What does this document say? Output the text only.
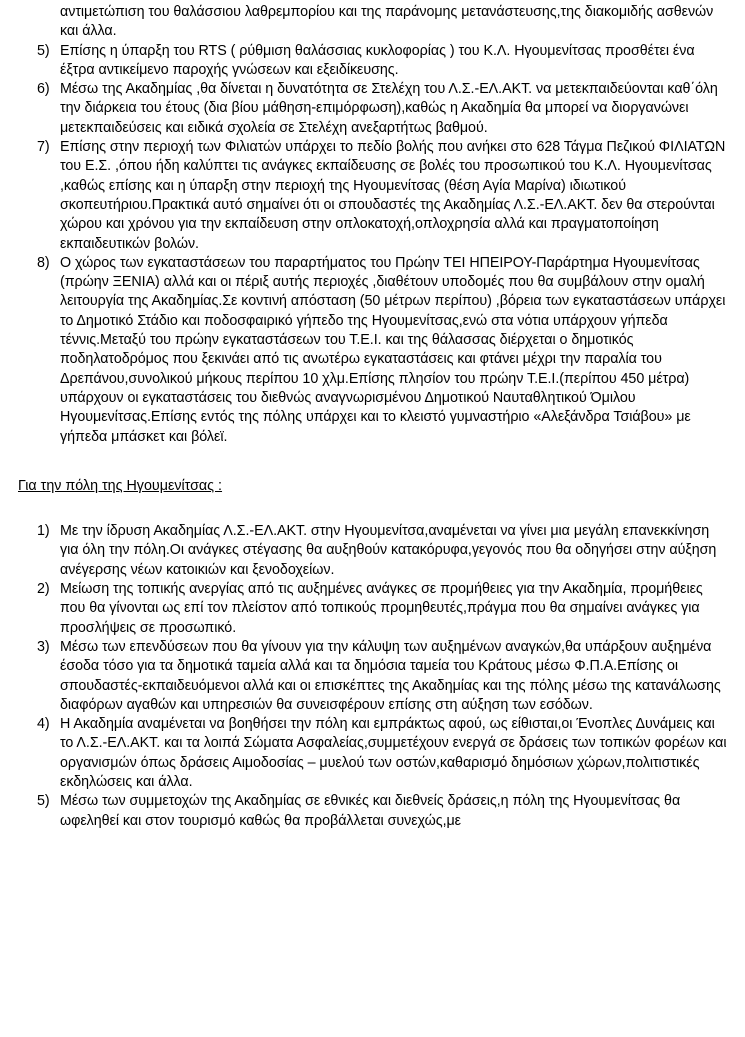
αντιμετώπιση του θαλάσσιου λαθρεμπορίου και της παράνομης μετανάστευσης,της διακομιδής ασθενών και άλλα.
5) Επίσης η ύπαρξη του RTS ( ρύθμιση θαλάσσιας κυκλοφορίας ) του Κ.Λ. Ηγουμενίτσας προσθέτει ένα έξτρα αντικείμενο παροχής γνώσεων και εξειδίκευσης.
6) Μέσω της Ακαδημίας ,θα δίνεται η δυνατότητα σε Στελέχη του Λ.Σ.-ΕΛ.ΑΚΤ. να μετεκπαιδεύονται καθ΄όλη την διάρκεια του έτους (δια βίου μάθηση-επιμόρφωση),καθώς η Ακαδημία θα μπορεί να διοργανώνει μετεκπαιδεύσεις και ειδικά σχολεία σε Στελέχη ανεξαρτήτως βαθμού.
7) Επίσης στην περιοχή των Φιλιατών υπάρχει το πεδίο βολής που ανήκει στο 628 Τάγμα Πεζικού ΦΙΛΙΑΤΩΝ του Ε.Σ. ,όπου ήδη καλύπτει τις ανάγκες εκπαίδευσης σε βολές του προσωπικού του Κ.Λ. Ηγουμενίτσας ,καθώς επίσης και η ύπαρξη στην περιοχή της Ηγουμενίτσας (θέση Αγία Μαρίνα) ιδιωτικού σκοπευτήριου.Πρακτικά αυτό σημαίνει ότι οι σπουδαστές της Ακαδημίας Λ.Σ.-ΕΛ.ΑΚΤ. δεν θα στερούνται χώρου και χρόνου για την εκπαίδευση στην οπλοκατοχή,οπλοχρησία αλλά και πραγματοποίηση εκπαιδευτικών βολών.
8) Ο χώρος των εγκαταστάσεων του παραρτήματος του Πρώην ΤΕΙ ΗΠΕΙΡΟΥ-Παράρτημα Ηγουμενίτσας (πρώην ΞΕΝΙΑ) αλλά και οι πέριξ αυτής περιοχές ,διαθέτουν υποδομές που θα συμβάλουν στην ομαλή λειτουργία της Ακαδημίας.Σε κοντινή απόσταση (50 μέτρων περίπου) ,βόρεια των εγκαταστάσεων υπάρχει το Δημοτικό Στάδιο και ποδοσφαιρικό γήπεδο της Ηγουμενίτσας,ενώ στα νότια υπάρχουν γήπεδα τέννις.Μεταξύ του πρώην εγκαταστάσεων του Τ.Ε.Ι. και της θάλασσας διέρχεται ο δημοτικός ποδηλατοδρόμος που ξεκινάει από τις ανωτέρω εγκαταστάσεις και φτάνει μέχρι την παραλία του Δρεπάνου,συνολικού μήκους περίπου 10 χλμ.Επίσης πλησίον του πρώην Τ.Ε.Ι.(περίπου 450 μέτρα) υπάρχουν οι εγκαταστάσεις του διεθνώς αναγνωρισμένου Δημοτικού Ναυταθλητικού Όμιλου Ηγουμενίτσας.Επίσης εντός της πόλης υπάρχει και το κλειστό γυμναστήριο «Αλεξάνδρα Τσιάβου» με γήπεδα μπάσκετ και βόλεϊ.
Για την πόλη της Ηγουμενίτσας :
1) Με την ίδρυση Ακαδημίας Λ.Σ.-ΕΛ.ΑΚΤ. στην Ηγουμενίτσα,αναμένεται να γίνει μια μεγάλη επανεκκίνηση για όλη την πόλη.Οι ανάγκες στέγασης θα αυξηθούν κατακόρυφα,γεγονός που θα οδηγήσει στην αύξηση ανέγερσης νέων κατοικιών και ξενοδοχείων.
2) Μείωση της τοπικής ανεργίας από τις αυξημένες ανάγκες σε προμήθειες για την Ακαδημία, προμήθειες που θα γίνονται ως επί τον πλείστον από τοπικούς προμηθευτές,πράγμα που θα σημαίνει ανάγκες για προσλήψεις σε προσωπικό.
3) Μέσω των επενδύσεων που θα γίνουν για την κάλυψη των αυξημένων αναγκών,θα υπάρξουν αυξημένα έσοδα τόσο για τα δημοτικά ταμεία αλλά και τα δημόσια ταμεία του Κράτους μέσω Φ.Π.Α.Επίσης οι σπουδαστές-εκπαιδευόμενοι αλλά και οι επισκέπτες της Ακαδημίας και της πόλης μέσω της κατανάλωσης διαφόρων αγαθών και υπηρεσιών θα συνεισφέρουν επίσης στη αύξηση των εσόδων.
4) Η Ακαδημία αναμένεται να βοηθήσει την πόλη και εμπράκτως αφού, ως είθισται,οι Ένοπλες Δυνάμεις και το Λ.Σ.-ΕΛ.ΑΚΤ. και τα λοιπά Σώματα Ασφαλείας,συμμετέχουν ενεργά σε δράσεις των τοπικών φορέων και οργανισμών όπως δράσεις Αιμοδοσίας – μυελού των οστών,καθαρισμό δημόσιων χώρων,πολιτιστικές εκδηλώσεις και άλλα.
5) Μέσω των συμμετοχών της Ακαδημίας σε εθνικές και διεθνείς δράσεις,η πόλη της Ηγουμενίτσας θα ωφεληθεί και στον τουρισμό καθώς θα προβάλλεται συνεχώς,με
